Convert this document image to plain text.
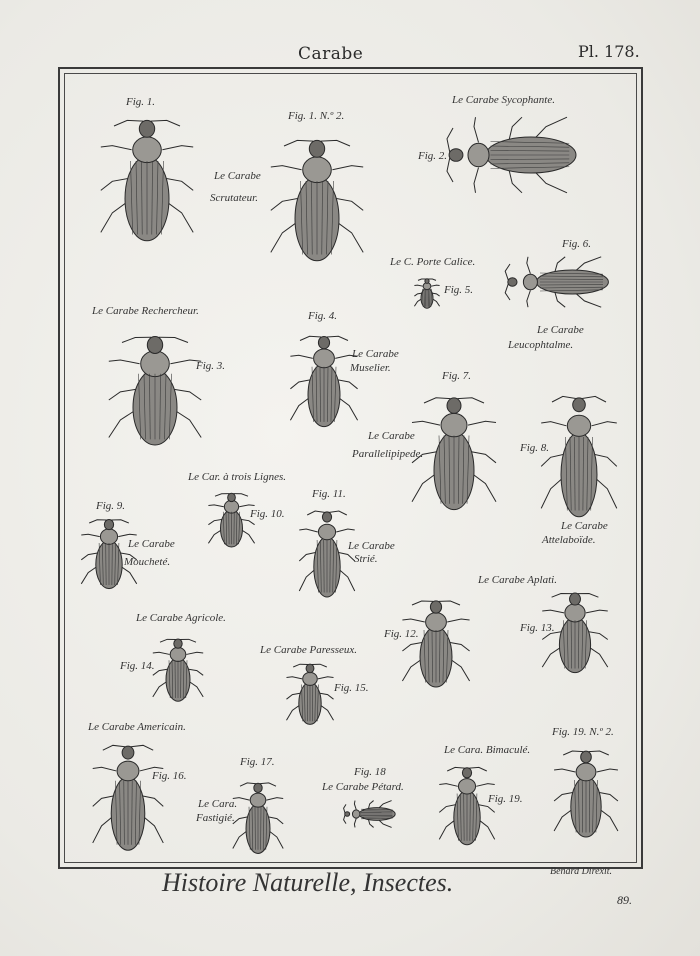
Carabe	Pl. 178.
Fig. 1.
Fig. 1. N.º 2.
Le Carabe Sycophante.
Le Carabe
Scrutateur.
Fig. 2.
Fig. 6.
Le C. Porte Calice.
Fig. 5.
Le Carabe
Leucophtalme.
Le Carabe Rechercheur.	Fig. 4.
Le Carabe
Muselier.
Fig. 3.
Fig. 7.
Le Carabe
Parallelipipede.	Fig. 8.
Le Carabe
Attelaboïde.
Le Car. à trois Lignes.
Fig. 11.
Fig. 9.
Fig. 10.
Le Carabe
Moucheté.
Le Carabe
Strié.
Le Carabe Aplati.
Le Carabe Agricole.
Fig. 12.	Fig. 13.
Le Carabe Paresseux.
Fig. 14.
Fig. 15.
Le Carabe Americain.	Fig. 19. N.º 2.
Le Cara. Bimaculé.
Fig. 16.
Fig. 17.
Fig. 18
Le Carabe Pétard.
Le Cara.
Fastigié.
Fig. 19.
Histoire Naturelle, Insectes.	Benard Direxit.
89.
